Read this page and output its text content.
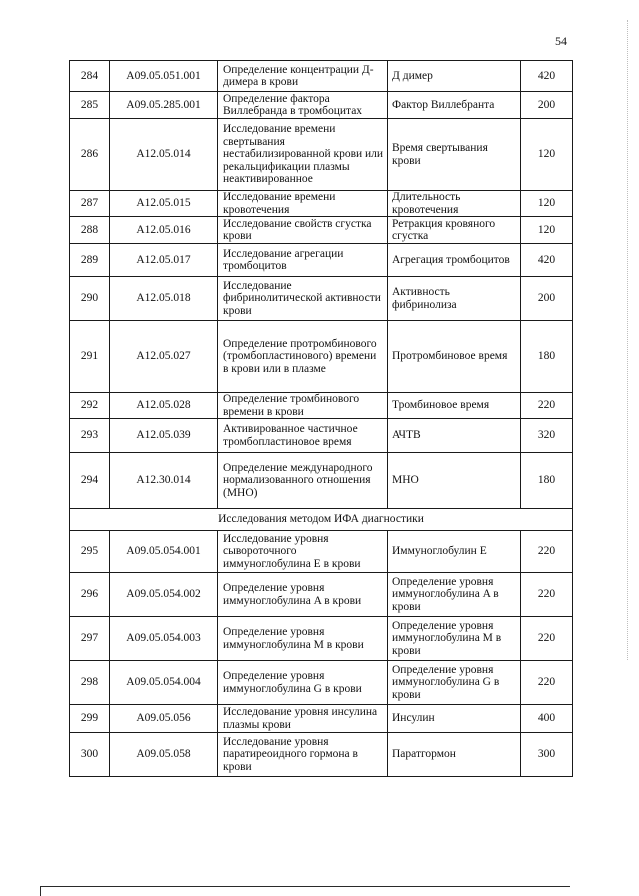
54
284	A09.05.051.001	Определение концентрации Д-димера в крови	Д димер	420
285	A09.05.285.001	Определение фактора Виллебранда в тромбоцитах	Фактор Виллебранта	200
286	A12.05.014	Исследование времени свертывания нестабилизированной крови или рекальцификации плазмы неактивированное	Время свертывания крови	120
287	A12.05.015	Исследование времени кровотечения	Длительность кровотечения	120
288	A12.05.016	Исследование свойств сгустка крови	Ретракция кровяного сгустка	120
289	A12.05.017	Исследование агрегации тромбоцитов	Агрегация тромбоцитов	420
290	A12.05.018	Исследование фибринолитической активности крови	Активность фибринолиза	200
291	A12.05.027	Определение протромбинового (тромбопластинового) времени в крови или в плазме	Протромбиновое время	180
292	A12.05.028	Определение тромбинового времени в крови	Тромбиновое время	220
293	A12.05.039	Активированное частичное тромбопластиновое время	АЧТВ	320
294	A12.30.014	Определение международного нормализованного отношения (МНО)	МНО	180
Исследования методом ИФА диагностики				
295	A09.05.054.001	Исследование уровня сывороточного иммуноглобулина E в крови	Иммуноглобулин E	220
296	A09.05.054.002	Определение уровня иммуноглобулина A в крови	Определение уровня иммуноглобулина A в крови	220
297	A09.05.054.003	Определение уровня иммуноглобулина M в крови	Определение уровня иммуноглобулина M в крови	220
298	A09.05.054.004	Определение уровня иммуноглобулина G в крови	Определение уровня иммуноглобулина G в крови	220
299	A09.05.056	Исследование уровня инсулина плазмы крови	Инсулин	400
300	A09.05.058	Исследование уровня паратиреоидного гормона в крови	Паратгормон	300
